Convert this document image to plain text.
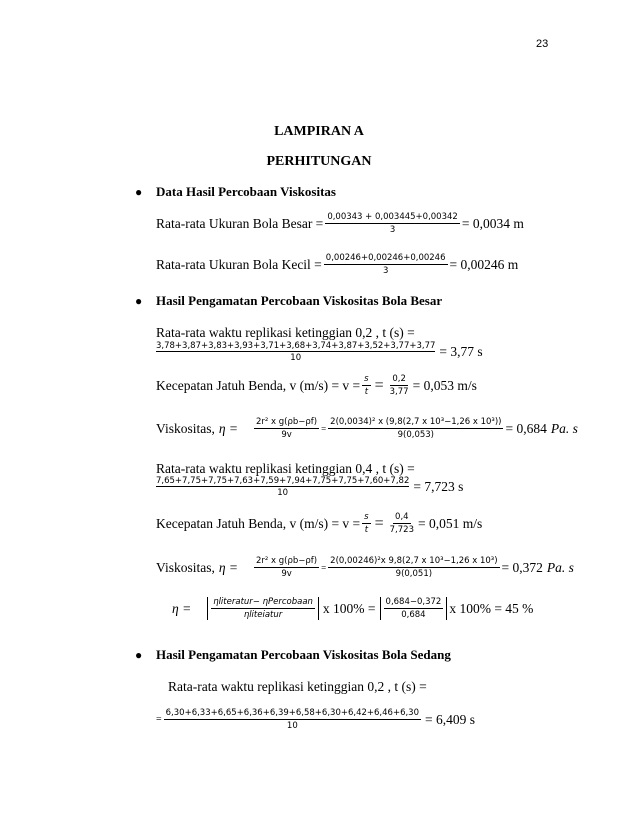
23
LAMPIRAN A
PERHITUNGAN
● Data Hasil Percobaan Viskositas
Rata-rata Ukuran Bola Besar = $\frac{0,00343 + 0,003445+0,00342}{3} = 0,0034$ m
Rata-rata Ukuran Bola Kecil = $\frac{0,00246+0,00246+0,00246}{3} = 0,00246$ m
● Hasil Pengamatan Percobaan Viskositas Bola Besar
Rata-rata waktu replikasi ketinggian 0,2 , t (s) =
$\frac{3,78+3,87+3,83+3,93+3,71+3,68+3,74+3,87+3,52+3,77+3,77}{10} = 3,77$ s
Kecepatan Jatuh Benda, v $(m/s) = v = \frac{s}{t} = \frac{0,2}{3,77} = 0,053$ m/s
Viskositas, $\eta = \frac{\text{2r² x g(ρb−ρf)}}{9v} = \frac{\text{2(0,0034)² x (9,8(2,7 x 10³−1,26 x 10³))}}{9(0,053)} = 0,684$ Pa. s
Rata-rata waktu replikasi ketinggian 0,4 , t (s) =
$\frac{7,65+7,75+7,75+7,63+7,59+7,94+7,75+7,75+7,60+7,82}{10} = 7,723$ s
Kecepatan Jatuh Benda, v $(m/s) = v = \frac{s}{t} = \frac{0,4}{7,723} = 0,051$ m/s
Viskositas, $\eta = \frac{\text{2r² x g(ρb−ρf)}}{9v} = \frac{\text{2(0,00246)²x 9,8(2,7 x 10³−1,26 x 10³)}}{9(0,051)} = 0,372$ Pa. s
$\eta = \frac{\text{ηliteratur− ηPercobaan}}{\text{ηliteiatur}}$ x $100\% = \frac{0,684-0,372}{0,684}$ x 100% = 45 %
● Hasil Pengamatan Percobaan Viskositas Bola Sedang
Rata-rata waktu replikasi ketinggian 0,2 , t (s) =
= $\frac{6,30+6,33+6,65+6,36+6,39+6,58+6,30+6,42+6,46+6,30}{10} = 6,409$ s
